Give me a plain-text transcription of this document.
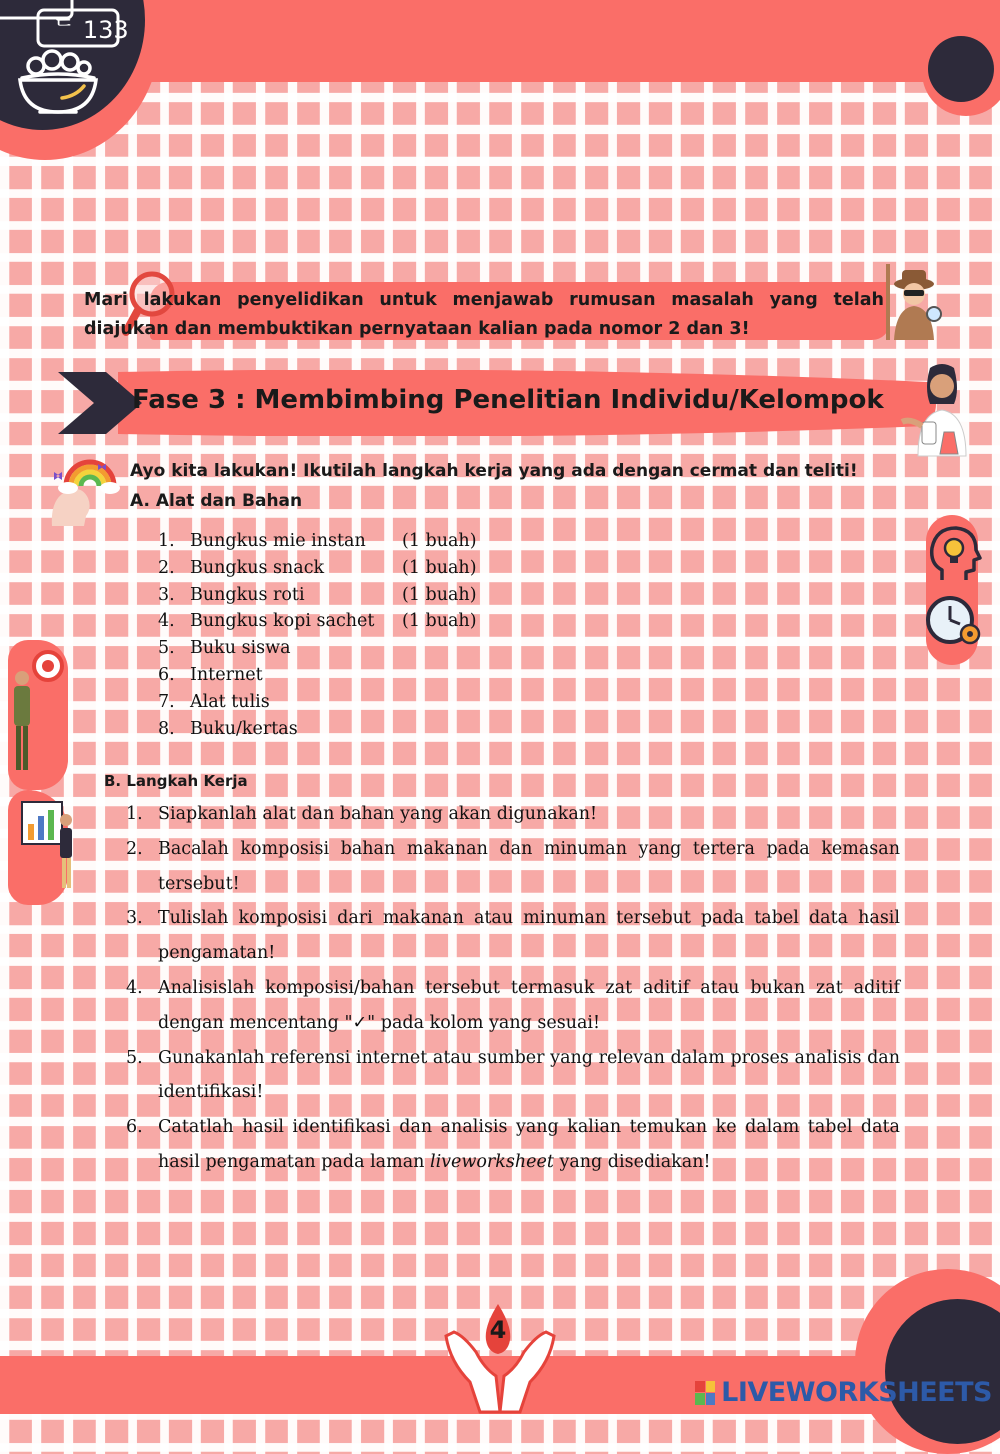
ᄃ 133
Mari lakukan penyelidikan untuk menjawab rumusan masalah yang telah diajukan dan membuktikan pernyataan kalian pada nomor 2 dan 3!
Fase 3 : Membimbing Penelitian Individu/Kelompok
Ayo kita lakukan! Ikutilah langkah kerja yang ada dengan cermat dan teliti!
A. Alat dan Bahan
1. Bungkus mie instan (1 buah)
2. Bungkus snack	(1 buah)
3. Bungkus roti	(1 buah)
4. Bungkus kopi sachet (1 buah)
5. Buku siswa
6. Internet
7. Alat tulis
8. Buku/kertas
B. Langkah Kerja
1. Siapkanlah alat dan bahan yang akan digunakan!
2. Bacalah komposisi bahan makanan dan minuman yang tertera pada kemasan tersebut!
3. Tulislah komposisi dari makanan atau minuman tersebut pada tabel data hasil pengamatan!
4. Analisislah komposisi/bahan tersebut termasuk zat aditif atau bukan zat aditif dengan mencentang "✓" pada kolom yang sesuai!
5. Gunakanlah referensi internet atau sumber yang relevan dalam proses analisis dan identifikasi!
6. Catatlah hasil identifikasi dan analisis yang kalian temukan ke dalam tabel data hasil pengamatan pada laman liveworksheet yang disediakan!
4
LIVEWORKSHEETS
